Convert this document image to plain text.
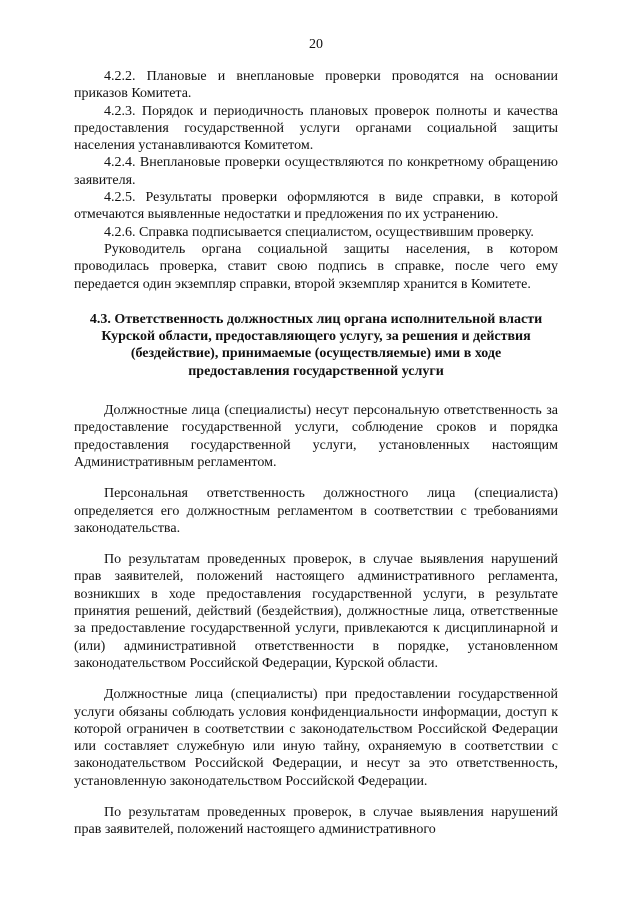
20

4.2.2. Плановые и внеплановые проверки проводятся на основании приказов Комитета.

4.2.3. Порядок и периодичность плановых проверок полноты и качества предоставления государственной услуги органами социальной защиты населения устанавливаются Комитетом.

4.2.4. Внеплановые проверки осуществляются по конкретному обращению заявителя.

4.2.5. Результаты проверки оформляются в виде справки, в которой отмечаются выявленные недостатки и предложения по их устранению.

4.2.6. Справка подписывается специалистом, осуществившим проверку.

Руководитель органа социальной защиты населения, в котором проводилась проверка, ставит свою подпись в справке, после чего ему передается один экземпляр справки, второй экземпляр хранится в Комитете.

4.3. Ответственность должностных лиц органа исполнительной власти Курской области, предоставляющего услугу, за решения и действия (бездействие), принимаемые (осуществляемые) ими в ходе предоставления государственной услуги

Должностные лица (специалисты) несут персональную ответственность за предоставление государственной услуги, соблюдение сроков и порядка предоставления государственной услуги, установленных настоящим Административным регламентом.

Персональная ответственность должностного лица (специалиста) определяется его должностным регламентом в соответствии с требованиями законодательства.

По результатам проведенных проверок, в случае выявления нарушений прав заявителей, положений настоящего административного регламента, возникших в ходе предоставления государственной услуги, в результате принятия решений, действий (бездействия), должностные лица, ответственные за предоставление государственной услуги, привлекаются к дисциплинарной и (или) административной ответственности в порядке, установленном законодательством Российской Федерации, Курской области.

Должностные лица (специалисты) при предоставлении государственной услуги обязаны соблюдать условия конфиденциальности информации, доступ к которой ограничен в соответствии с законодательством Российской Федерации или составляет служебную или иную тайну, охраняемую в соответствии с законодательством Российской Федерации, и несут за это ответственность, установленную законодательством Российской Федерации.

По результатам проведенных проверок, в случае выявления нарушений прав заявителей, положений настоящего административного
